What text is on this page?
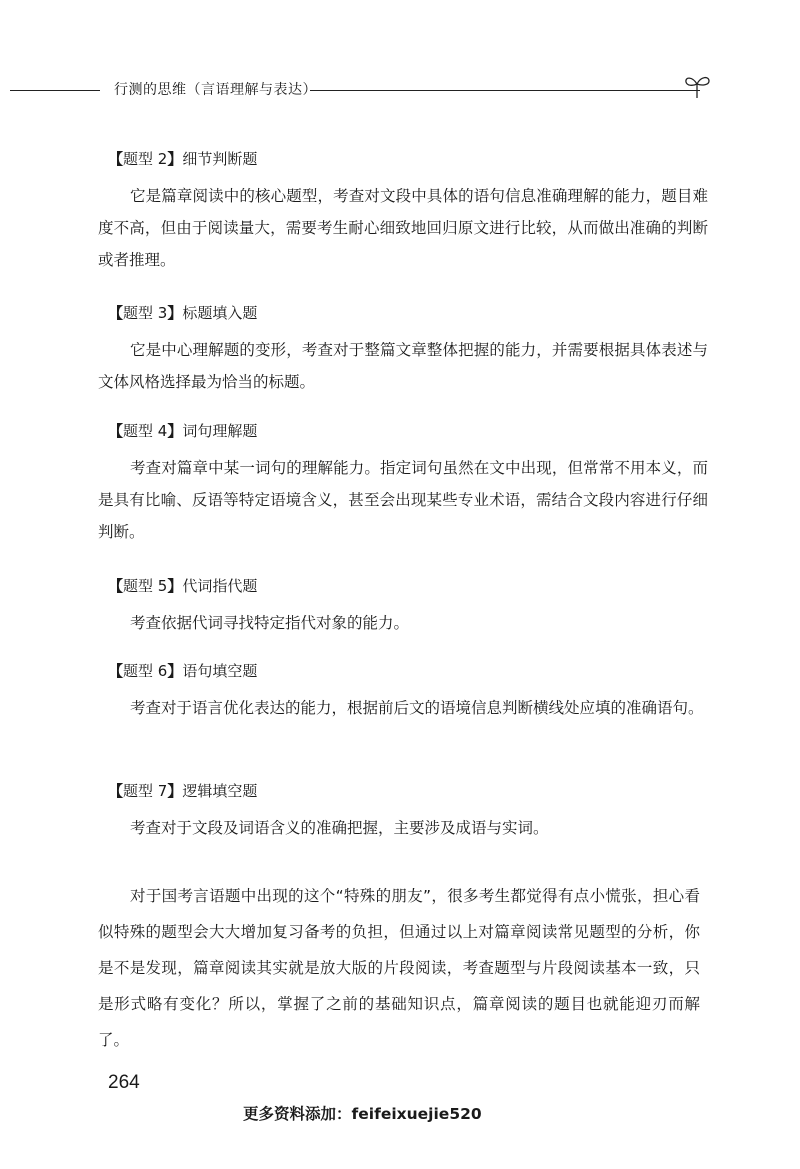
行测的思维（言语理解与表达）
【题型 2】细节判断题

它是篇章阅读中的核心题型，考查对文段中具体的语句信息准确理解的能力，题目难度不高，但由于阅读量大，需要考生耐心细致地回归原文进行比较，从而做出准确的判断或者推理。

【题型 3】标题填入题

它是中心理解题的变形，考查对于整篇文章整体把握的能力，并需要根据具体表述与文体风格选择最为恰当的标题。

【题型 4】词句理解题

考查对篇章中某一词句的理解能力。指定词句虽然在文中出现，但常常不用本义，而是具有比喻、反语等特定语境含义，甚至会出现某些专业术语，需结合文段内容进行仔细判断。

【题型 5】代词指代题

考查依据代词寻找特定指代对象的能力。

【题型 6】语句填空题

考查对于语言优化表达的能力，根据前后文的语境信息判断横线处应填的准确语句。

【题型 7】逻辑填空题

考查对于文段及词语含义的准确把握，主要涉及成语与实词。

对于国考言语题中出现的这个“特殊的朋友”，很多考生都觉得有点小慌张，担心看似特殊的题型会大大增加复习备考的负担，但通过以上对篇章阅读常见题型的分析，你是不是发现，篇章阅读其实就是放大版的片段阅读，考查题型与片段阅读基本一致，只是形式略有变化？所以，掌握了之前的基础知识点，篇章阅读的题目也就能迎刃而解了。

264
更多资料添加：feifeixuejie520
